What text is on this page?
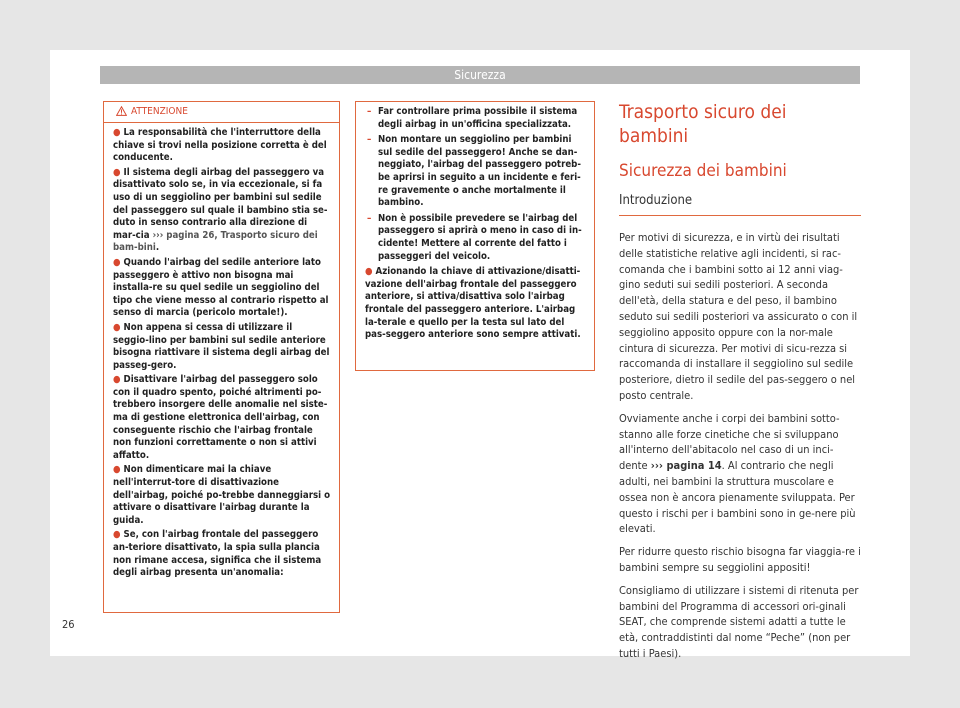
Sicurezza
ATTENZIONE
● La responsabilità che l'interruttore della chiave si trovi nella posizione corretta è del conducente.
● Il sistema degli airbag del passeggero va disattivato solo se, in via eccezionale, si fa uso di un seggiolino per bambini sul sedile del passeggero sul quale il bambino stia se-duto in senso contrario alla direzione di mar-cia ››› pagina 26, Trasporto sicuro dei bam-bini.
● Quando l'airbag del sedile anteriore lato passeggero è attivo non bisogna mai installa-re su quel sedile un seggiolino del tipo che viene messo al contrario rispetto al senso di marcia (pericolo mortale!).
● Non appena si cessa di utilizzare il seggio-lino per bambini sul sedile anteriore bisogna riattivare il sistema degli airbag del passeg-gero.
● Disattivare l'airbag del passeggero solo con il quadro spento, poiché altrimenti po-trebbero insorgere delle anomalie nel siste-ma di gestione elettronica dell'airbag, con conseguente rischio che l'airbag frontale non funzioni correttamente o non si attivi affatto.
● Non dimenticare mai la chiave nell'interrut-tore di disattivazione dell'airbag, poiché po-trebbe danneggiarsi o attivare o disattivare l'airbag durante la guida.
● Se, con l'airbag frontale del passeggero an-teriore disattivato, la spia sulla plancia non rimane accesa, significa che il sistema degli airbag presenta un'anomalia:
– Far controllare prima possibile il sistema degli airbag in un'officina specializzata.
– Non montare un seggiolino per bambini sul sedile del passeggero! Anche se dan-neggiato, l'airbag del passeggero potreb-be aprirsi in seguito a un incidente e feri-re gravemente o anche mortalmente il bambino.
– Non è possibile prevedere se l'airbag del passeggero si aprirà o meno in caso di in-cidente! Mettere al corrente del fatto i passeggeri del veicolo.
● Azionando la chiave di attivazione/disatti-vazione dell'airbag frontale del passeggero anteriore, si attiva/disattiva solo l'airbag frontale del passeggero anteriore. L'airbag la-terale e quello per la testa sul lato del pas-seggero anteriore sono sempre attivati.
Trasporto sicuro dei bambini
Sicurezza dei bambini
Introduzione

Per motivi di sicurezza, e in virtù dei risultati delle statistiche relative agli incidenti, si rac-comanda che i bambini sotto ai 12 anni viag-gino seduti sui sedili posteriori. A seconda dell'età, della statura e del peso, il bambino seduto sui sedili posteriori va assicurato o con il seggiolino apposito oppure con la nor-male cintura di sicurezza. Per motivi di sicu-rezza si raccomanda di installare il seggiolino sul sedile posteriore, dietro il sedile del pas-seggero o nel posto centrale.

Ovviamente anche i corpi dei bambini sotto-stanno alle forze cinetiche che si sviluppano all'interno dell'abitacolo nel caso di un inci-dente ››› pagina 14. Al contrario che negli adulti, nei bambini la struttura muscolare e ossea non è ancora pienamente sviluppata. Per questo i rischi per i bambini sono in ge-nere più elevati.

Per ridurre questo rischio bisogna far viaggia-re i bambini sempre su seggiolini appositi!

Consigliamo di utilizzare i sistemi di ritenuta per bambini del Programma di accessori ori-ginali SEAT, che comprende sistemi adatti a tutte le età, contraddistinti dal nome “Peche” (non per tutti i Paesi).

26
